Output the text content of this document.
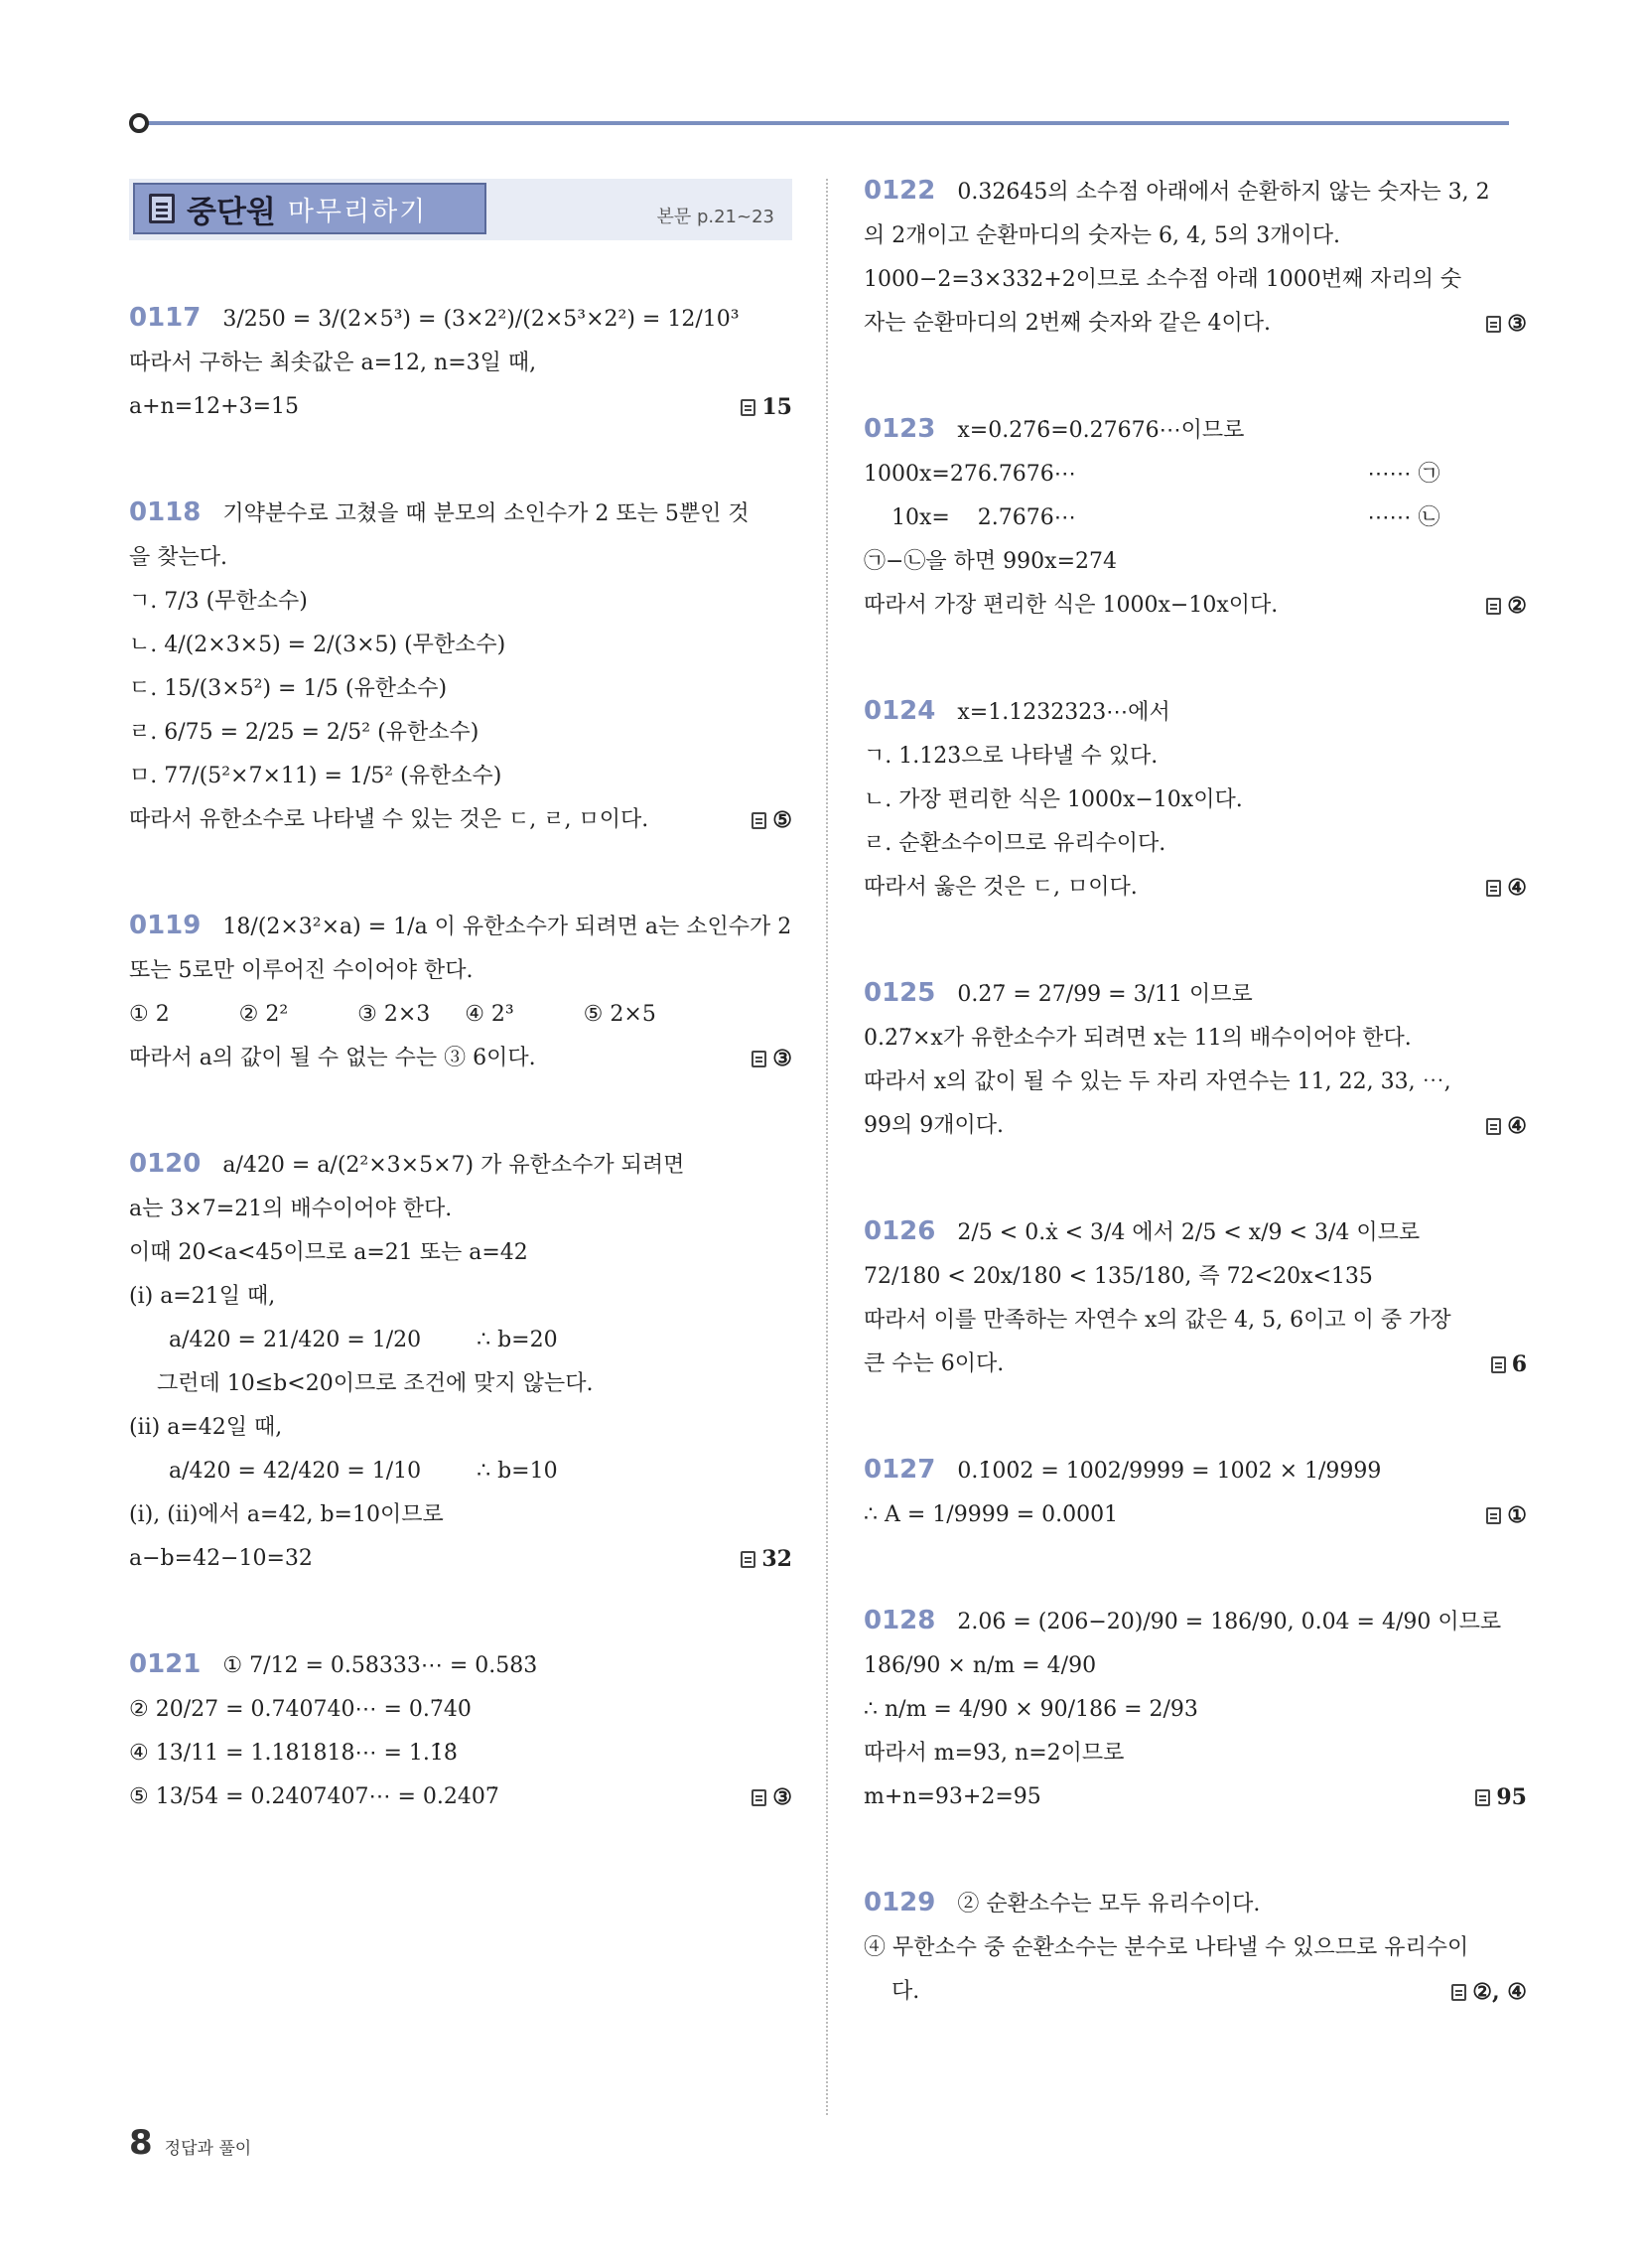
중단원 마무리하기	본문 p.21~23
0117 3/250 = 3/(2×5³) = (3×2²)/(2×5³×2²) = 12/10³
따라서 구하는 최솟값은 a=12, n=3일 때,
a+n=12+3=15	15
0118 기약분수로 고쳤을 때 분모의 소인수가 2 또는 5뿐인 것
을 찾는다.
ㄱ. 7/3 (무한소수)
ㄴ. 4/(2×3×5) = 2/(3×5) (무한소수)
ㄷ. 15/(3×5²) = 1/5 (유한소수)
ㄹ. 6/75 = 2/25 = 2/5² (유한소수)
ㅁ. 77/(5²×7×11) = 1/5² (유한소수)
따라서 유한소수로 나타낼 수 있는 것은 ㄷ, ㄹ, ㅁ이다.	⑤
0119 18/(2×3²×a) = 1/a 이 유한소수가 되려면 a는 소인수가 2
또는 5로만 이루어진 수이어야 한다.
① 2          ② 2²          ③ 2×3     ④ 2³          ⑤ 2×5
따라서 a의 값이 될 수 없는 수는 ③ 6이다.	③
0120 a/420 = a/(2²×3×5×7) 가 유한소수가 되려면
a는 3×7=21의 배수이어야 한다.
이때 20<a<45이므로 a=21 또는 a=42
(ⅰ) a=21일 때,
a/420 = 21/420 = 1/20        ∴ b=20
그런데 10≤b<20이므로 조건에 맞지 않는다.
(ⅱ) a=42일 때,
a/420 = 42/420 = 1/10        ∴ b=10
(ⅰ), (ⅱ)에서 a=42, b=10이므로
a−b=42−10=32	32
0121 ① 7/12 = 0.58333⋯ = 0.583̇
② 20/27 = 0.740740⋯ = 0.7̇40̇
④ 13/11 = 1.181818⋯ = 1.1̇8̇
⑤ 13/54 = 0.2407407⋯ = 0.24̇07̇	③
0122 0.326̇45̇의 소수점 아래에서 순환하지 않는 숫자는 3, 2
의 2개이고 순환마디의 숫자는 6, 4, 5의 3개이다.
1000−2=3×332+2이므로 소수점 아래 1000번째 자리의 숫
자는 순환마디의 2번째 숫자와 같은 4이다.	③
0123 x=0.27̇6̇=0.27676⋯이므로
1000x=276.7676⋯                                          ⋯⋯ ㉠
10x=    2.7676⋯                                          ⋯⋯ ㉡
㉠−㉡을 하면 990x=274
따라서 가장 편리한 식은 1000x−10x이다.	②
0124 x=1.1232323⋯에서
ㄱ. 1.12̇3̇으로 나타낼 수 있다.
ㄴ. 가장 편리한 식은 1000x−10x이다.
ㄹ. 순환소수이므로 유리수이다.
따라서 옳은 것은 ㄷ, ㅁ이다.	④
0125 0.2̇7̇ = 27/99 = 3/11 이므로
0.2̇7̇×x가 유한소수가 되려면 x는 11의 배수이어야 한다.
따라서 x의 값이 될 수 있는 두 자리 자연수는 11, 22, 33, ⋯,
99의 9개이다.	④
0126 2/5 < 0.ẋ < 3/4 에서 2/5 < x/9 < 3/4 이므로
72/180 < 20x/180 < 135/180, 즉 72<20x<135
따라서 이를 만족하는 자연수 x의 값은 4, 5, 6이고 이 중 가장
큰 수는 6이다.	6
0127 0.1̇00̇2 = 1002/9999 = 1002 × 1/9999
∴ A = 1/9999 = 0.0̇00̇1	①
0128 2.06̇ = (206−20)/90 = 186/90, 0.04̇ = 4/90 이므로
186/90 × n/m = 4/90
∴ n/m = 4/90 × 90/186 = 2/93
따라서 m=93, n=2이므로
m+n=93+2=95	95
0129 ② 순환소수는 모두 유리수이다.
④ 무한소수 중 순환소수는 분수로 나타낼 수 있으므로 유리수이
다.	②, ④
8 정답과 풀이
